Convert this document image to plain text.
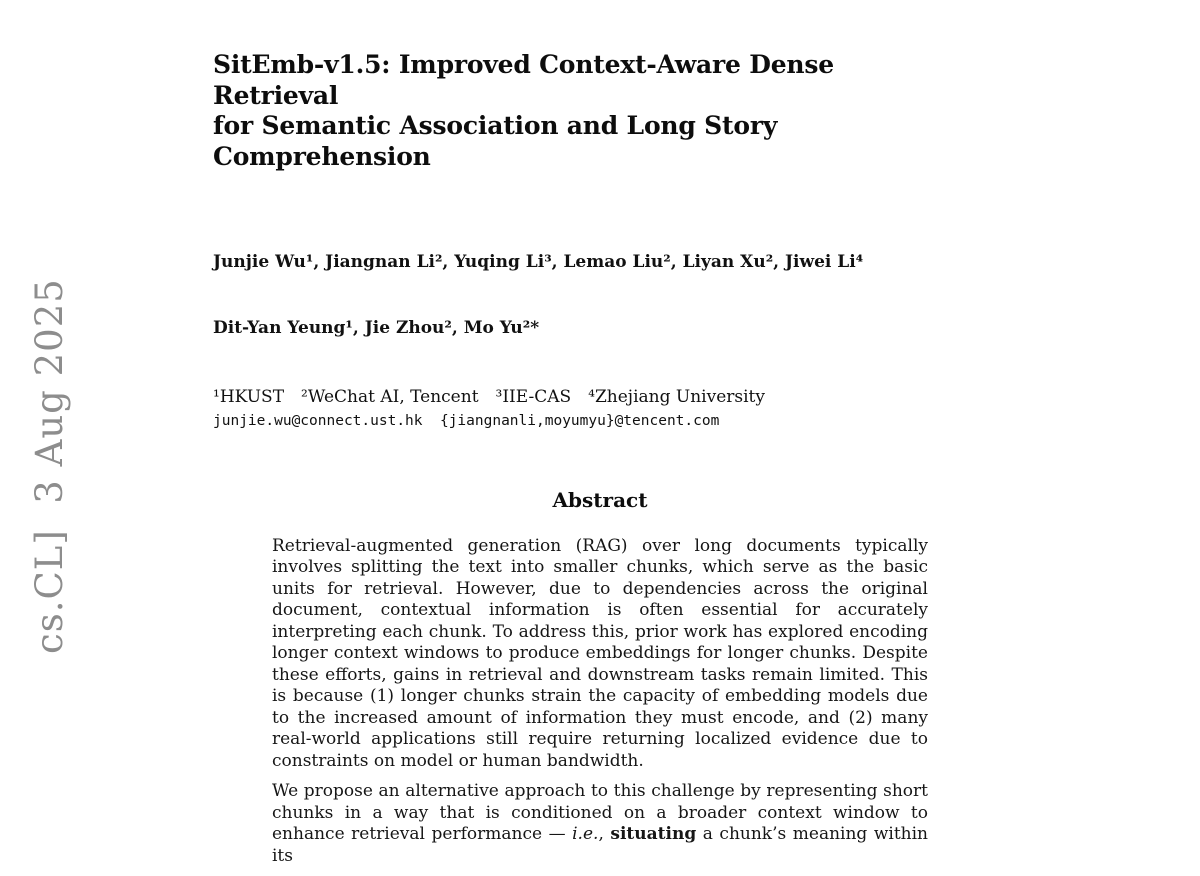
cs.CL]  3 Aug 2025
SitEmb-v1.5: Improved Context-Aware Dense Retrieval
for Semantic Association and Long Story Comprehension

Junjie Wu¹, Jiangnan Li², Yuqing Li³, Lemao Liu², Liyan Xu², Jiwei Li⁴

Dit-Yan Yeung¹, Jie Zhou², Mo Yu²*

¹HKUST ²WeChat AI, Tencent ³IIE-CAS ⁴Zhejiang University
junjie.wu@connect.ust.hk  {jiangnanli,moyumyu}@tencent.com
Abstract

Retrieval-augmented generation (RAG) over long documents typically involves splitting the text into smaller chunks, which serve as the basic units for retrieval. However, due to dependencies across the original document, contextual information is often essential for accurately interpreting each chunk. To address this, prior work has explored encoding longer context windows to produce embeddings for longer chunks. Despite these efforts, gains in retrieval and downstream tasks remain limited. This is because (1) longer chunks strain the capacity of embedding models due to the increased amount of information they must encode, and (2) many real-world applications still require returning localized evidence due to constraints on model or human bandwidth.

We propose an alternative approach to this challenge by representing short chunks in a way that is conditioned on a broader context window to enhance retrieval performance — i.e., situating a chunk’s meaning within its
